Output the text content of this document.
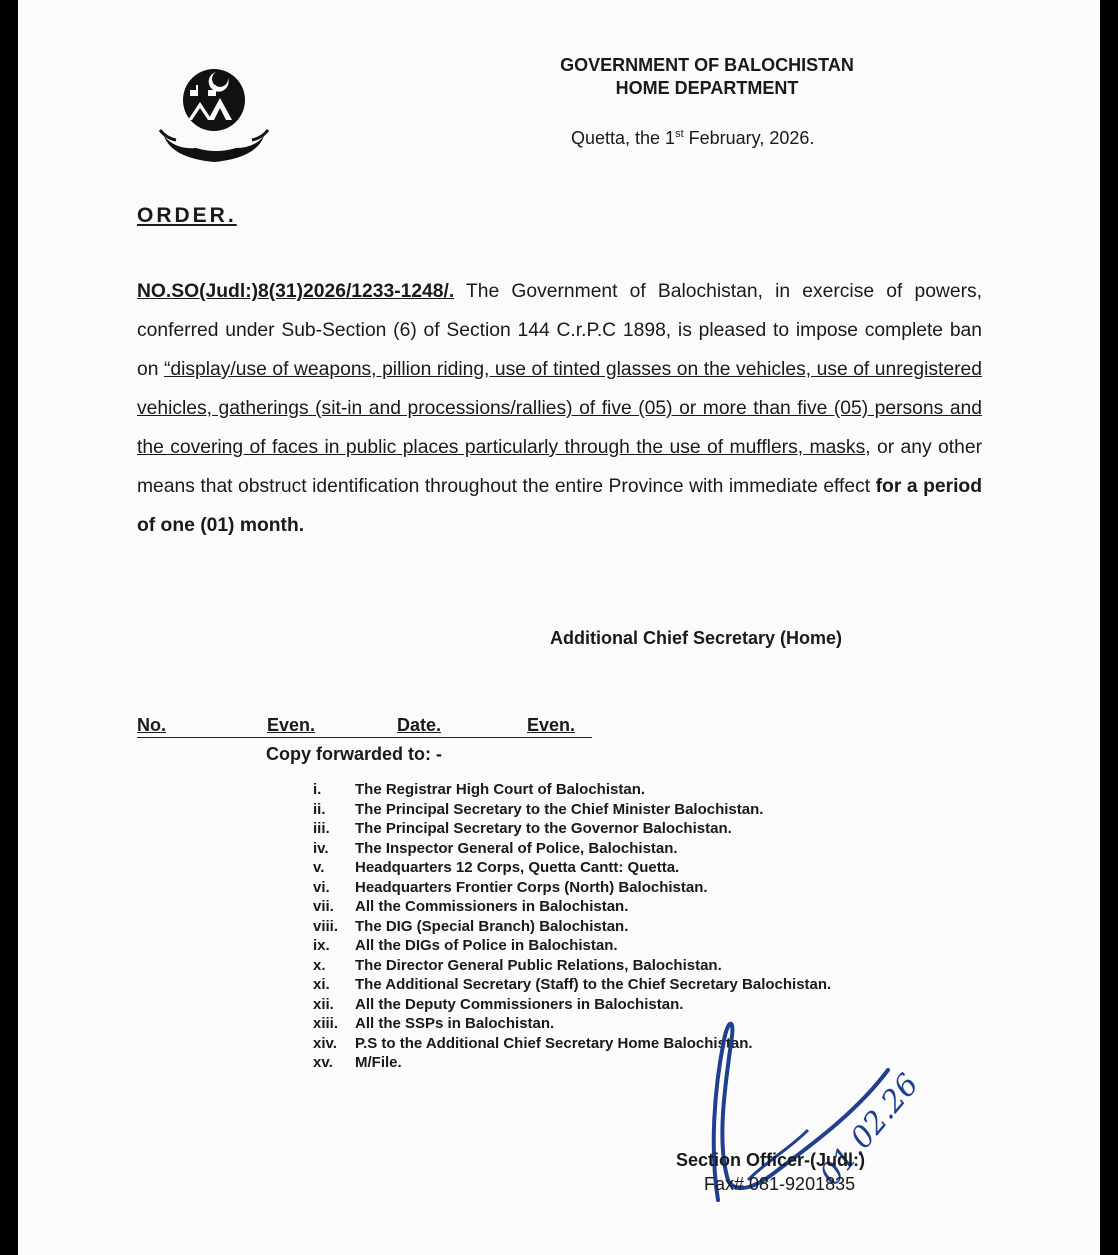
GOVERNMENT OF BALOCHISTAN
HOME DEPARTMENT
Quetta, the 1st February, 2026.
ORDER.
NO.SO(Judl:)8(31)2026/1233-1248/. The Government of Balochistan, in exercise of powers, conferred under Sub-Section (6) of Section 144 C.r.P.C 1898, is pleased to impose complete ban on “display/use of weapons, pillion riding, use of tinted glasses on the vehicles, use of unregistered vehicles, gatherings (sit-in and processions/rallies) of five (05) or more than five (05) persons and the covering of faces in public places particularly through the use of mufflers, masks, or any other means that obstruct identification throughout the entire Province with immediate effect for a period of one (01) month.
Additional Chief Secretary (Home)
No.	Even.	Date.	Even.
Copy forwarded to: -
i.	The Registrar High Court of Balochistan.
ii.	The Principal Secretary to the Chief Minister Balochistan.
iii.	The Principal Secretary to the Governor Balochistan.
iv.	The Inspector General of Police, Balochistan.
v.	Headquarters 12 Corps, Quetta Cantt: Quetta.
vi.	Headquarters Frontier Corps (North) Balochistan.
vii.	All the Commissioners in Balochistan.
viii.	The DIG (Special Branch) Balochistan.
ix.	All the DIGs of Police in Balochistan.
x.	The Director General Public Relations, Balochistan.
xi.	The Additional Secretary (Staff) to the Chief Secretary Balochistan.
xii.	All the Deputy Commissioners in Balochistan.
xiii.	All the SSPs in Balochistan.
xiv.	P.S to the Additional Chief Secretary Home Balochistan.
xv.	M/File.
01.02.26
Section Officer-(Judl:)
Fax# 081-9201835
